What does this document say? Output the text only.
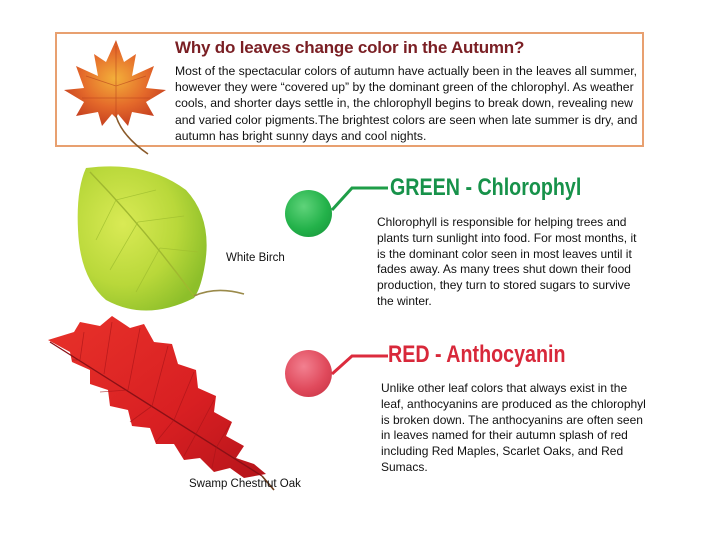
Why do leaves change color in the Autumn?
Most of the spectacular colors of autumn have actually been in the leaves all summer, however they were “covered up” by the dominant green of the chlorophyl. As weather cools, and shorter days settle in, the chlorophyll begins to break down, revealing new and varied color pigments.The brightest colors are seen when late summer is dry, and autumn has bright sunny days and cool nights.
White Birch
GREEN - Chlorophyl
Chlorophyll is responsible for helping trees and plants turn sunlight into food. For most months, it is the dominant color seen in most leaves until it fades away. As many trees shut down their food production, they turn to stored sugars to survive the winter.
Swamp Chestnut Oak
RED - Anthocyanin
Unlike other leaf colors that always exist in the leaf, anthocyanins are produced as the chlorophyl is broken down. The anthocyanins are often seen in leaves named for their autumn splash of red including Red Maples, Scarlet Oaks, and Red Sumacs.
